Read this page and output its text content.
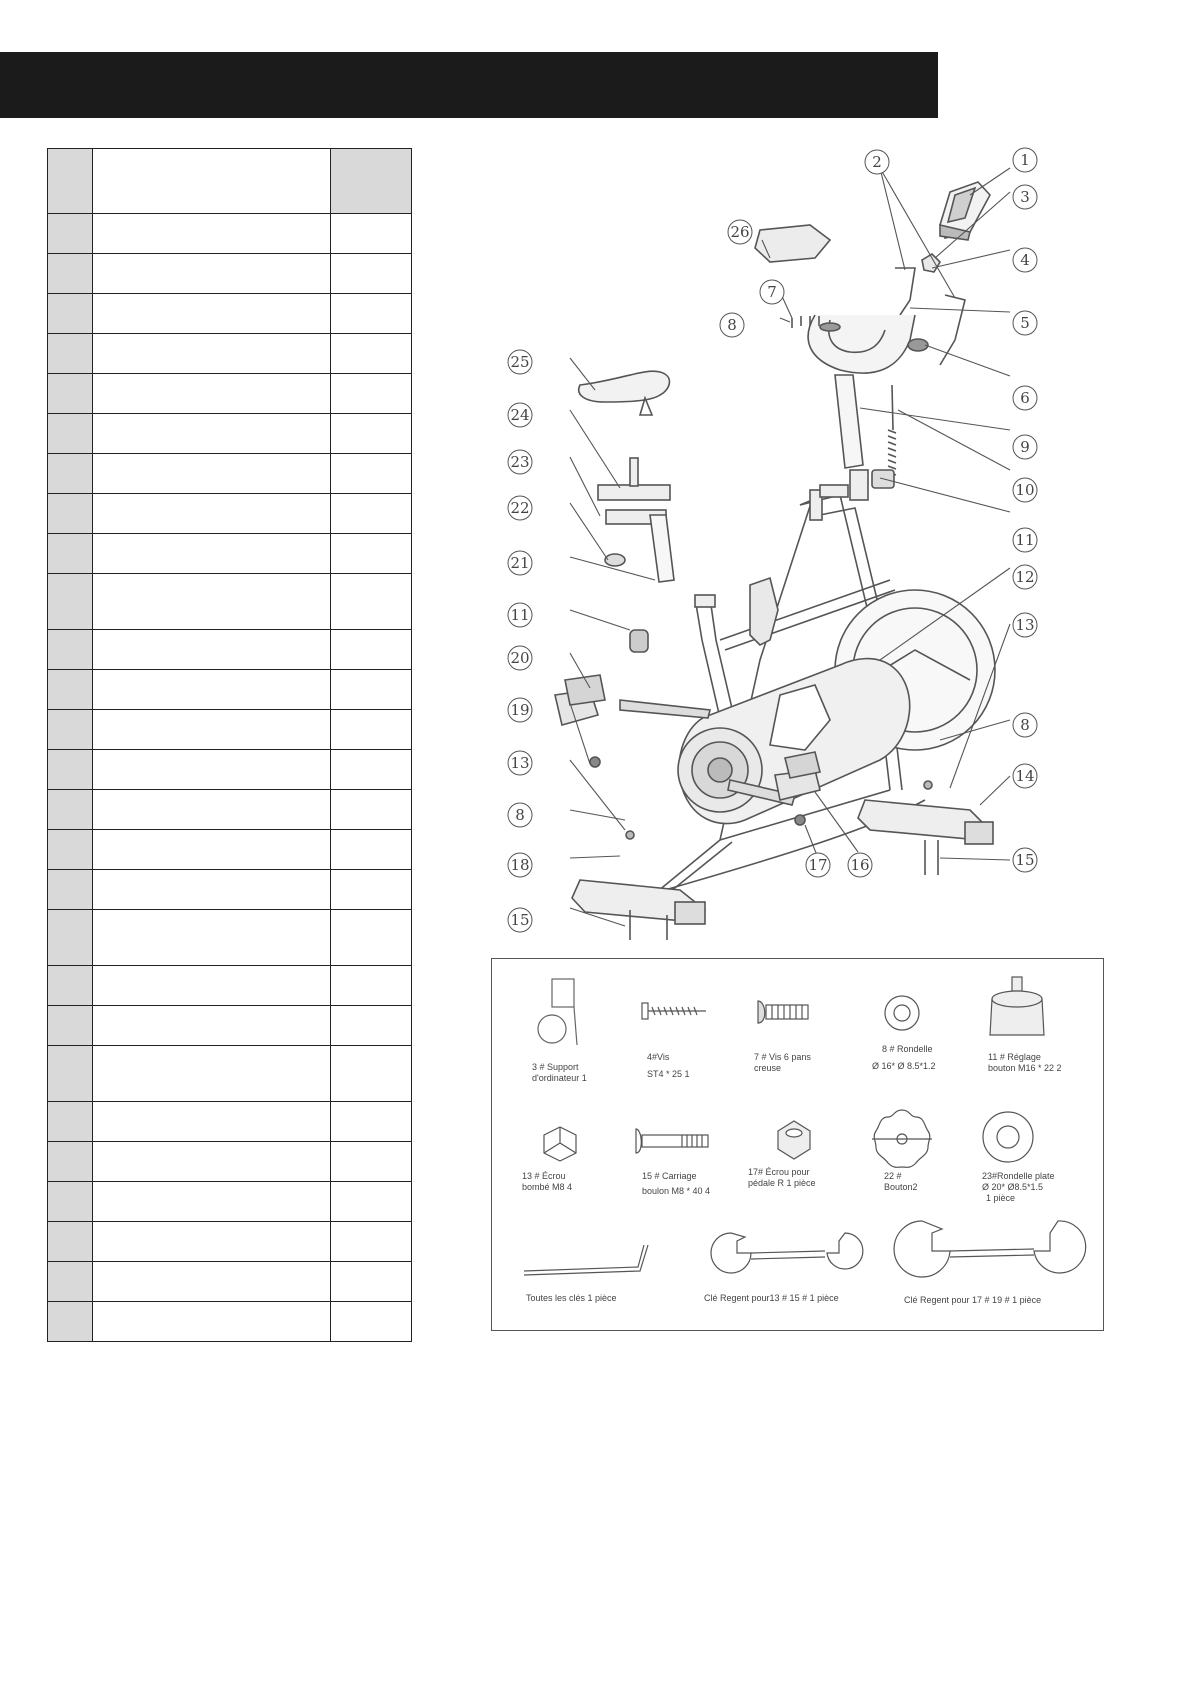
1
2
3
4
5
6
7
8
9
10
11
12
13
14
15
16
17
18
19
20
21
22
23
24
25
26
11
13
8
15
8
3 # Support
d'ordinateur 1
4#Vis
ST4 * 25 1
7 # Vis 6 pans
creuse
8 # Rondelle
Ø 16* Ø 8.5*1.2
11 # Réglage
bouton M16 * 22 2
13 # Écrou
bombé M8 4
15 # Carriage
boulon M8 * 40 4
17# Écrou pour
pédale R 1 pièce
22 #
Bouton2
23#Rondelle plate
Ø 20* Ø8.5*1.5
1 pièce
Toutes les clés 1 pièce	Clé Regent pour13 # 15 # 1 pièce	Clé Regent pour 17 # 19 # 1 pièce
